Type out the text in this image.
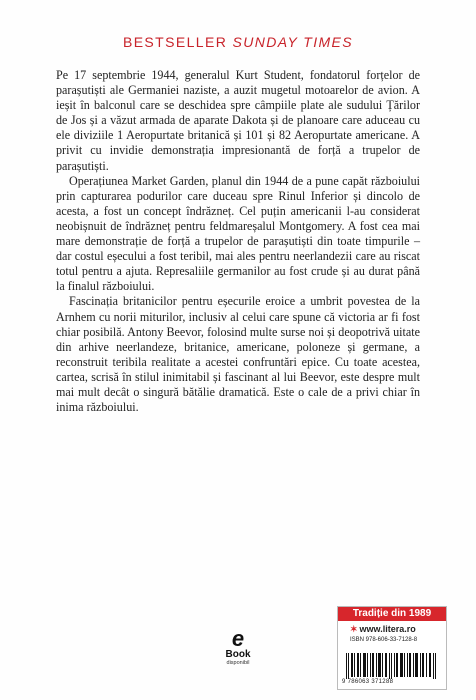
BESTSELLER SUNDAY TIMES

Pe 17 septembrie 1944, generalul Kurt Student, fondatorul forțelor de parașutiști ale Germaniei naziste, a auzit mugetul motoarelor de avion. A ieșit în balconul care se deschidea spre câmpiile plate ale sudului Țărilor de Jos și a văzut armada de aparate Dakota și de planoare care aduceau cu ele diviziile 1 Aeropurtate britanică și 101 și 82 Aeropurtate americane. A privit cu invidie demonstrația impresionantă de forță a trupelor de parașutiști.

Operațiunea Market Garden, planul din 1944 de a pune capăt războiului prin capturarea podurilor care duceau spre Rinul Inferior și dincolo de acesta, a fost un concept îndrăzneț. Cel puțin americanii l-au considerat neobișnuit de îndrăzneț pentru feldmareșalul Montgomery. A fost cea mai mare demonstrație de forță a trupelor de parașutiști din toate timpurile – dar costul eșecului a fost teribil, mai ales pentru neerlandezii care au riscat totul pentru a ajuta. Represaliile germanilor au fost crude și au durat până la finalul războiului.

Fascinația britanicilor pentru eșecurile eroice a umbrit povestea de la Arnhem cu norii miturilor, inclusiv al celui care spune că victoria ar fi fost chiar posibilă. Antony Beevor, folosind multe surse noi și deopotrivă uitate din arhive neerlandeze, britanice, americane, poloneze și germane, a reconstruit teribila realitate a acestei confruntări epice. Cu toate acestea, cartea, scrisă în stilul inimitabil și fascinant al lui Beevor, este despre mult mai mult decât o singură bătălie dramatică. Este o cale de a privi chiar în inima războiului.

e
Book
disponibil
Tradiție din 1989
✶ www.litera.ro
ISBN 978-606-33-7128-8
9 786063 371288
